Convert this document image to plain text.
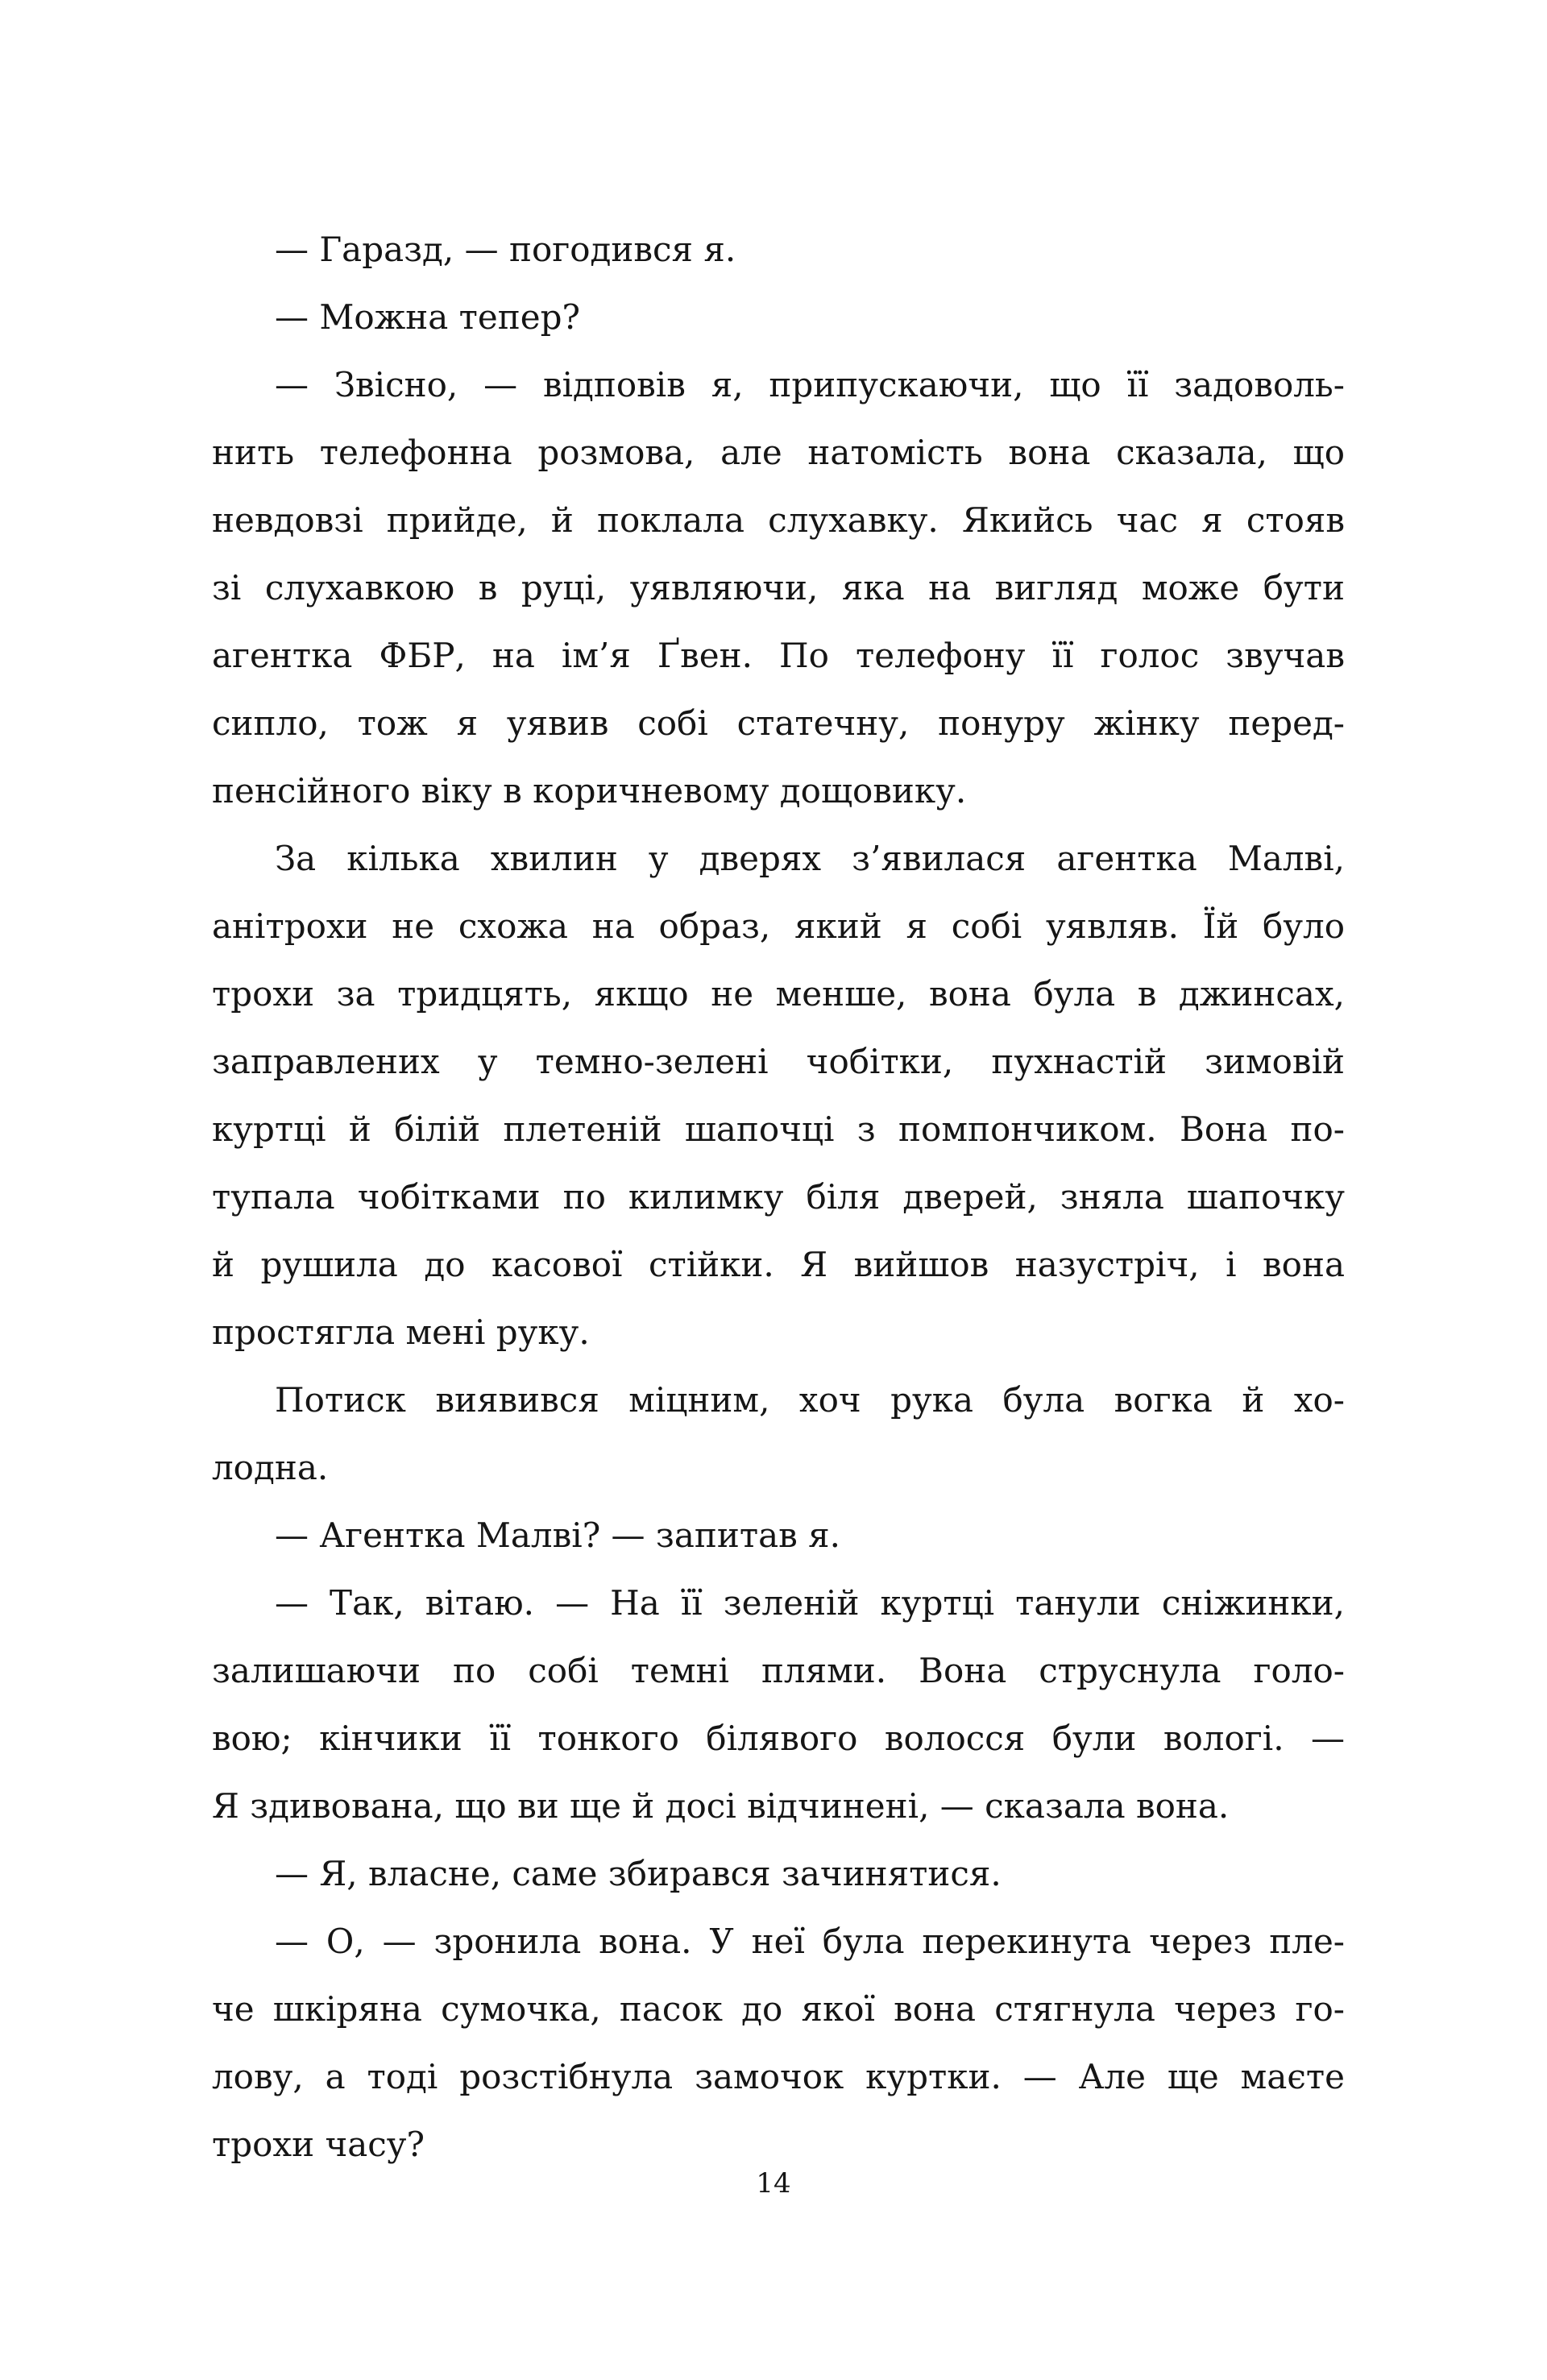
— Гаразд, — погодився я.
— Можна тепер?
— Звісно, — відповів я, припускаючи, що її задоволь-
нить телефонна розмова, але натомість вона сказала, що
невдовзі прийде, й поклала слухавку. Якийсь час я стояв
зі слухавкою в руці, уявляючи, яка на вигляд може бути
агентка ФБР, на ім’я Ґвен. По телефону її голос звучав
сипло, тож я уявив собі статечну, понуру жінку перед-
пенсійного віку в коричневому дощовику.
За кілька хвилин у дверях з’явилася агентка Малві,
анітрохи не схожа на образ, який я собі уявляв. Їй було
трохи за тридцять, якщо не менше, вона була в джинсах,
заправлених у темно-зелені чобітки, пухнастій зимовій
куртці й білій плетеній шапочці з помпончиком. Вона по-
тупала чобітками по килимку біля дверей, зняла шапочку
й рушила до касової стійки. Я вийшов назустріч, і вона
простягла мені руку.
Потиск виявився міцним, хоч рука була вогка й хо-
лодна.
— Агентка Малві? — запитав я.
— Так, вітаю. — На її зеленій куртці танули сніжинки,
залишаючи по собі темні плями. Вона струснула голо-
вою; кінчики її тонкого білявого волосся були вологі. —
Я здивована, що ви ще й досі відчинені, — сказала вона.
— Я, власне, саме збирався зачинятися.
— О, — зронила вона. У неї була перекинута через пле-
че шкіряна сумочка, пасок до якої вона стягнула через го-
лову, а тоді розстібнула замочок куртки. — Але ще маєте
трохи часу?
14
